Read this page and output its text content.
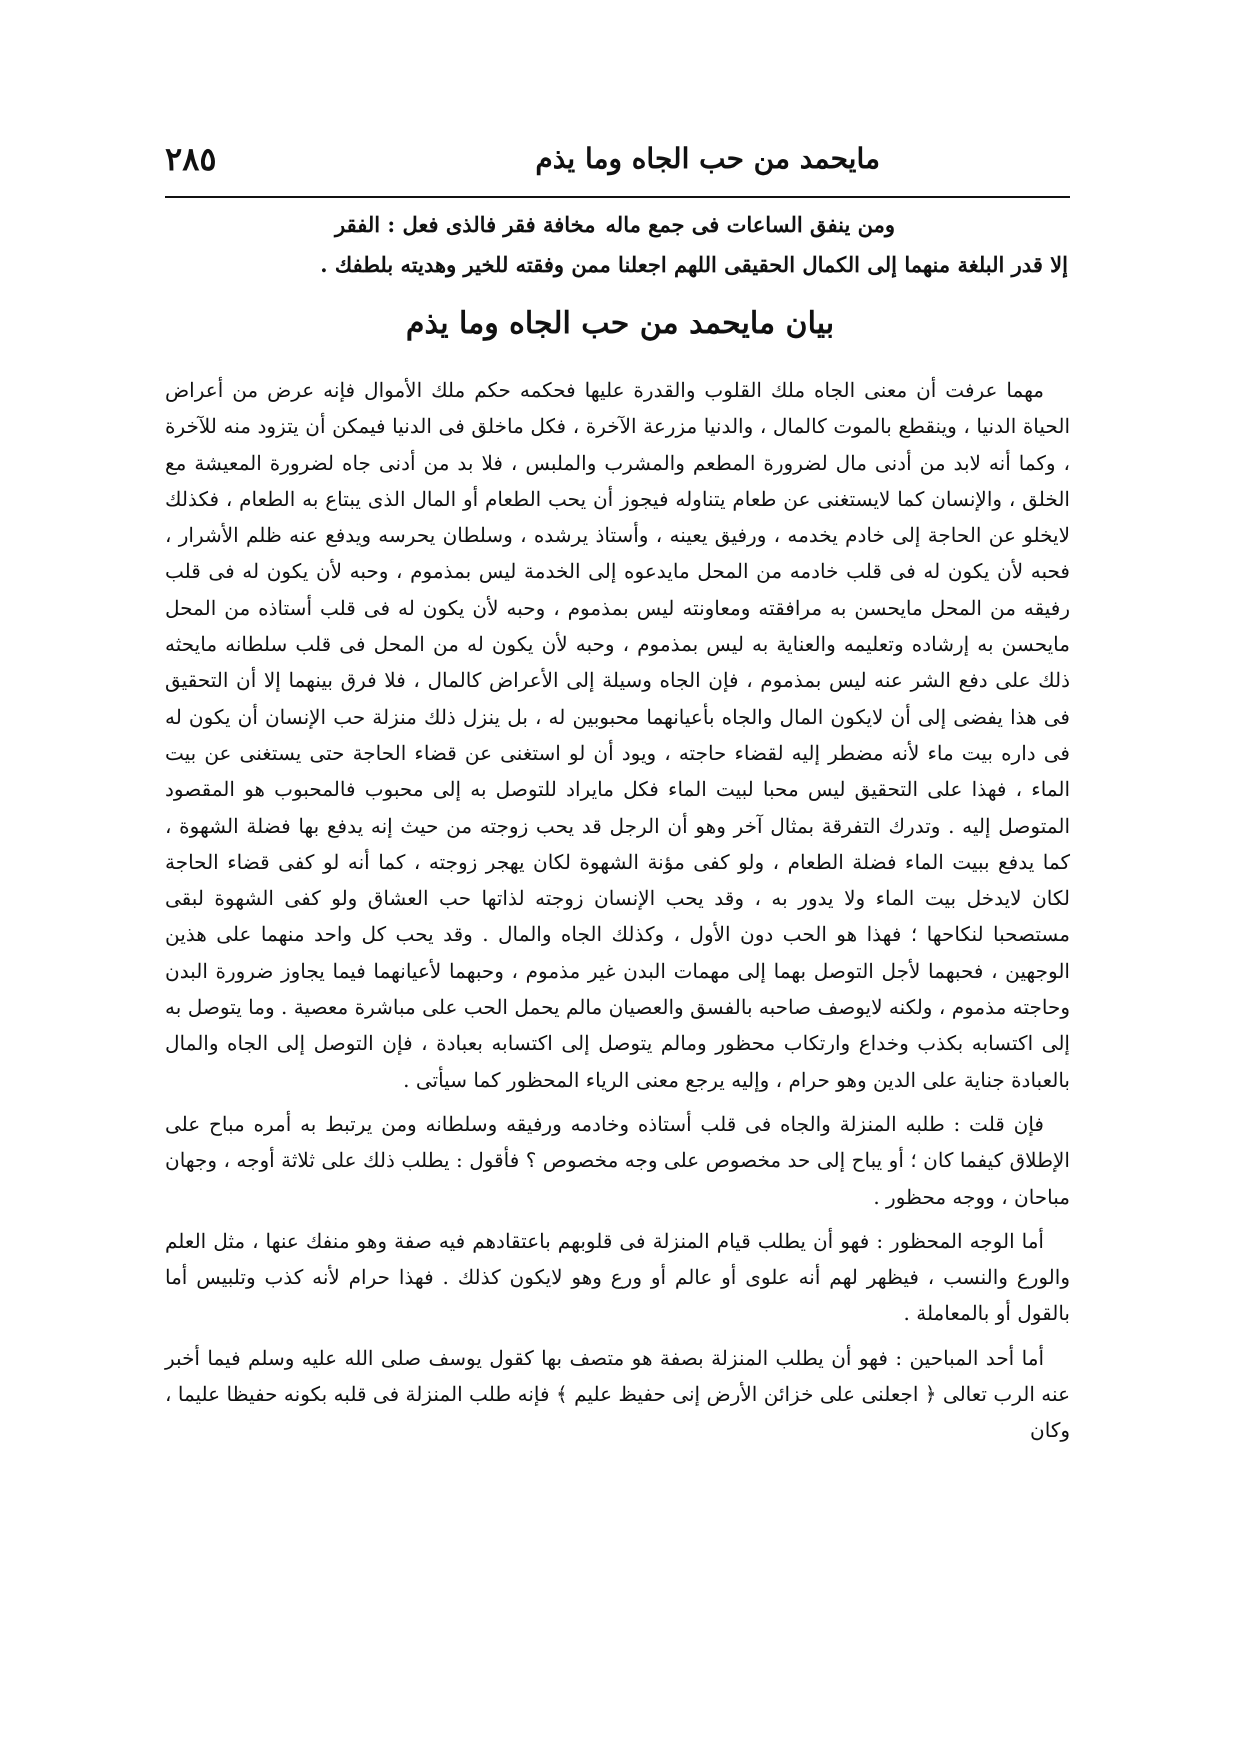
مايحمد من حب الجاه وما يذم
٢٨٥
ومن ينفق الساعات فى جمع ماله
مخافة فقر فالذى فعل : الفقر
إلا قدر البلغة منهما إلى الكمال الحقيقى اللهم اجعلنا ممن وفقته للخير وهديته بلطفك .
بيان مايحمد من حب الجاه وما يذم

مهما عرفت أن معنى الجاه ملك القلوب والقدرة عليها فحكمه حكم ملك الأموال فإنه عرض من أعراض الحياة الدنيا ، وينقطع بالموت كالمال ، والدنيا مزرعة الآخرة ، فكل ماخلق فى الدنيا فيمكن أن يتزود منه للآخرة ، وكما أنه لابد من أدنى مال لضرورة المطعم والمشرب والملبس ، فلا بد من أدنى جاه لضرورة المعيشة مع الخلق ، والإنسان كما لايستغنى عن طعام يتناوله فيجوز أن يحب الطعام أو المال الذى يبتاع به الطعام ، فكذلك لايخلو عن الحاجة إلى خادم يخدمه ، ورفيق يعينه ، وأستاذ يرشده ، وسلطان يحرسه ويدفع عنه ظلم الأشرار ، فحبه لأن يكون له فى قلب خادمه من المحل مايدعوه إلى الخدمة ليس بمذموم ، وحبه لأن يكون له فى قلب رفيقه من المحل مايحسن به مرافقته ومعاونته ليس بمذموم ، وحبه لأن يكون له فى قلب أستاذه من المحل مايحسن به إرشاده وتعليمه والعناية به ليس بمذموم ، وحبه لأن يكون له من المحل فى قلب سلطانه مايحثه ذلك على دفع الشر عنه ليس بمذموم ، فإن الجاه وسيلة إلى الأعراض كالمال ، فلا فرق بينهما إلا أن التحقيق فى هذا يفضى إلى أن لايكون المال والجاه بأعيانهما محبوبين له ، بل ينزل ذلك منزلة حب الإنسان أن يكون له فى داره بيت ماء لأنه مضطر إليه لقضاء حاجته ، ويود أن لو استغنى عن قضاء الحاجة حتى يستغنى عن بيت الماء ، فهذا على التحقيق ليس محبا لبيت الماء فكل مايراد للتوصل به إلى محبوب فالمحبوب هو المقصود المتوصل إليه . وتدرك التفرقة بمثال آخر وهو أن الرجل قد يحب زوجته من حيث إنه يدفع بها فضلة الشهوة ، كما يدفع ببيت الماء فضلة الطعام ، ولو كفى مؤنة الشهوة لكان يهجر زوجته ، كما أنه لو كفى قضاء الحاجة لكان لايدخل بيت الماء ولا يدور به ، وقد يحب الإنسان زوجته لذاتها حب العشاق ولو كفى الشهوة لبقى مستصحبا لنكاحها ؛ فهذا هو الحب دون الأول ، وكذلك الجاه والمال . وقد يحب كل واحد منهما على هذين الوجهين ، فحبهما لأجل التوصل بهما إلى مهمات البدن غير مذموم ، وحبهما لأعيانهما فيما يجاوز ضرورة البدن وحاجته مذموم ، ولكنه لايوصف صاحبه بالفسق والعصيان مالم يحمل الحب على مباشرة معصية . وما يتوصل به إلى اكتسابه بكذب وخداع وارتكاب محظور ومالم يتوصل إلى اكتسابه بعبادة ، فإن التوصل إلى الجاه والمال بالعبادة جناية على الدين وهو حرام ، وإليه يرجع معنى الرياء المحظور كما سيأتى .

فإن قلت : طلبه المنزلة والجاه فى قلب أستاذه وخادمه ورفيقه وسلطانه ومن يرتبط به أمره مباح على الإطلاق كيفما كان ؛ أو يباح إلى حد مخصوص على وجه مخصوص ؟ فأقول : يطلب ذلك على ثلاثة أوجه ، وجهان مباحان ، ووجه محظور .

أما الوجه المحظور : فهو أن يطلب قيام المنزلة فى قلوبهم باعتقادهم فيه صفة وهو منفك عنها ، مثل العلم والورع والنسب ، فيظهر لهم أنه علوى أو عالم أو ورع وهو لايكون كذلك . فهذا حرام لأنه كذب وتلبيس أما بالقول أو بالمعاملة .

أما أحد المباحين : فهو أن يطلب المنزلة بصفة هو متصف بها كقول يوسف صلى الله عليه وسلم فيما أخبر عنه الرب تعالى ﴿ اجعلنى على خزائن الأرض إنى حفيظ عليم ﴾ فإنه طلب المنزلة فى قلبه بكونه حفيظا عليما ، وكان
